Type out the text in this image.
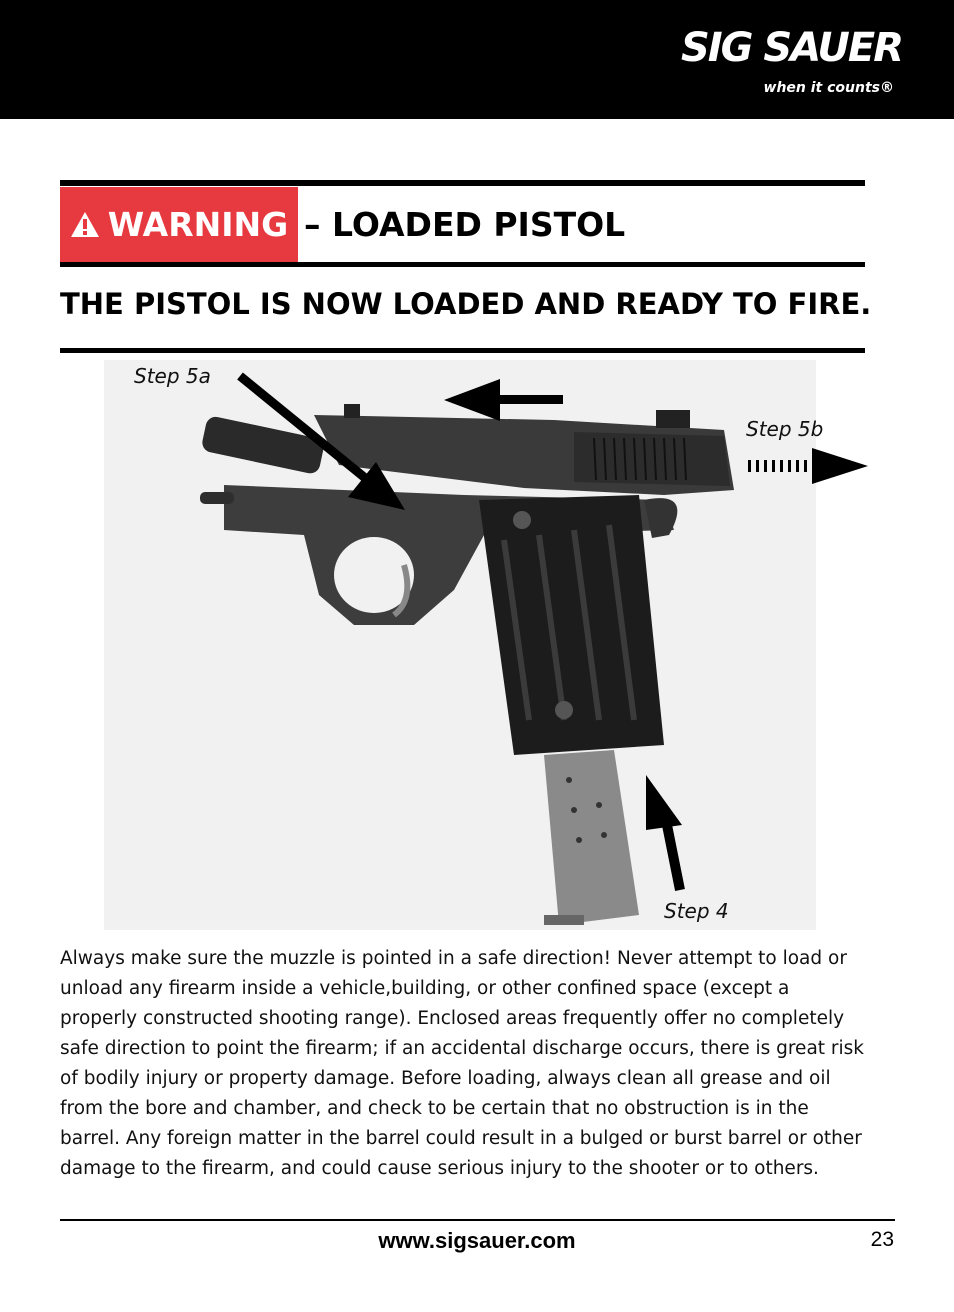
SIG SAUER
when it counts®
WARNING – LOADED PISTOL
THE PISTOL IS NOW LOADED AND READY TO FIRE.
Step 5a
Step 5b
Step 4

Always make sure the muzzle is pointed in a safe direction! Never attempt to load or unload any firearm inside a vehicle,building, or other confined space (except a properly constructed shooting range). Enclosed areas frequently offer no completely safe direction to point the firearm; if an accidental discharge occurs, there is great risk of bodily injury or property damage. Before loading, always clean all grease and oil from the bore and chamber, and check to be certain that no obstruction is in the barrel. Any foreign matter in the barrel could result in a bulged or burst barrel or other damage to the firearm, and could cause serious injury to the shooter or to others.

www.sigsauer.com	23
